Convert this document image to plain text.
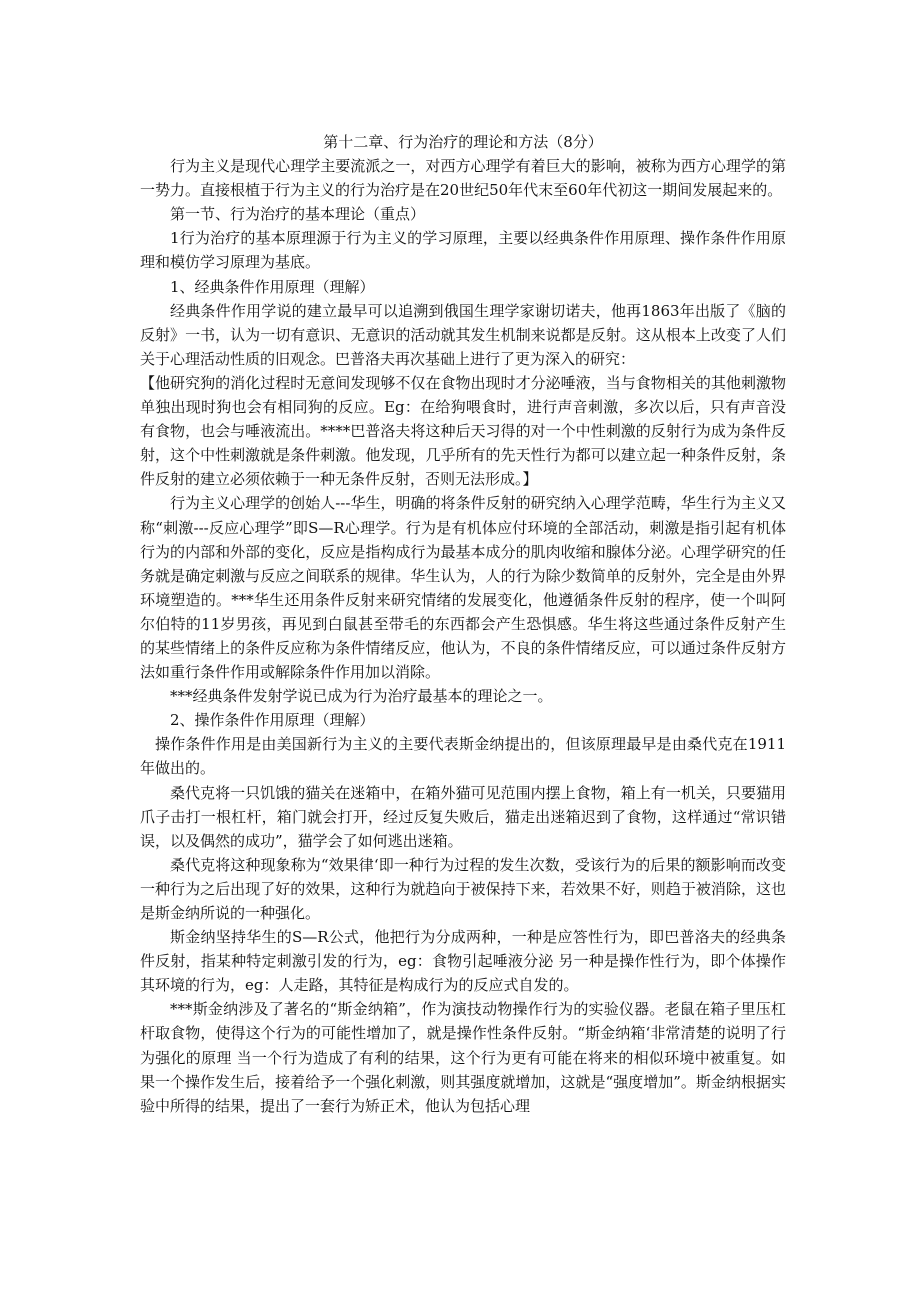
第十二章、行为治疗的理论和方法（8分）

行为主义是现代心理学主要流派之一，对西方心理学有着巨大的影响，被称为西方心理学的第一势力。直接根植于行为主义的行为治疗是在20世纪50年代末至60年代初这一期间发展起来的。

第一节、行为治疗的基本理论（重点）

1行为治疗的基本原理源于行为主义的学习原理，主要以经典条件作用原理、操作条件作用原理和模仿学习原理为基底。

1、经典条件作用原理（理解）

经典条件作用学说的建立最早可以追溯到俄国生理学家谢切诺夫，他再1863年出版了《脑的反射》一书，认为一切有意识、无意识的活动就其发生机制来说都是反射。这从根本上改变了人们关于心理活动性质的旧观念。巴普洛夫再次基础上进行了更为深入的研究：

【他研究狗的消化过程时无意间发现够不仅在食物出现时才分泌唾液，当与食物相关的其他刺激物单独出现时狗也会有相同狗的反应。Eg：在给狗喂食时，进行声音刺激，多次以后，只有声音没有食物，也会与唾液流出。****巴普洛夫将这种后天习得的对一个中性刺激的反射行为成为条件反射，这个中性刺激就是条件刺激。他发现，几乎所有的先天性行为都可以建立起一种条件反射，条件反射的建立必须依赖于一种无条件反射，否则无法形成。】

行为主义心理学的创始人---华生，明确的将条件反射的研究纳入心理学范畴，华生行为主义又称“刺激---反应心理学”即S—R心理学。行为是有机体应付环境的全部活动，刺激是指引起有机体行为的内部和外部的变化，反应是指构成行为最基本成分的肌肉收缩和腺体分泌。心理学研究的任务就是确定刺激与反应之间联系的规律。华生认为，人的行为除少数简单的反射外，完全是由外界环境塑造的。***华生还用条件反射来研究情绪的发展变化，他遵循条件反射的程序，使一个叫阿尔伯特的11岁男孩，再见到白鼠甚至带毛的东西都会产生恐惧感。华生将这些通过条件反射产生的某些情绪上的条件反应称为条件情绪反应，他认为，不良的条件情绪反应，可以通过条件反射方法如重行条件作用或解除条件作用加以消除。

***经典条件发射学说已成为行为治疗最基本的理论之一。

2、操作条件作用原理（理解）

操作条件作用是由美国新行为主义的主要代表斯金纳提出的，但该原理最早是由桑代克在1911年做出的。

桑代克将一只饥饿的猫关在迷箱中，在箱外猫可见范围内摆上食物，箱上有一机关，只要猫用爪子击打一根杠杆，箱门就会打开，经过反复失败后，猫走出迷箱迟到了食物，这样通过“常识错误，以及偶然的成功”，猫学会了如何逃出迷箱。

桑代克将这种现象称为“效果律‘即一种行为过程的发生次数，受该行为的后果的额影响而改变 一种行为之后出现了好的效果，这种行为就趋向于被保持下来，若效果不好，则趋于被消除，这也是斯金纳所说的一种强化。

斯金纳坚持华生的S—R公式，他把行为分成两种，一种是应答性行为，即巴普洛夫的经典条件反射，指某种特定刺激引发的行为，eg：食物引起唾液分泌 另一种是操作性行为，即个体操作其环境的行为，eg：人走路，其特征是构成行为的反应式自发的。

***斯金纳涉及了著名的“斯金纳箱”，作为演技动物操作行为的实验仪器。老鼠在箱子里压杠杆取食物，使得这个行为的可能性增加了，就是操作性条件反射。“斯金纳箱‘非常清楚的说明了行为强化的原理 当一个行为造成了有利的结果，这个行为更有可能在将来的相似环境中被重复。如果一个操作发生后，接着给予一个强化刺激，则其强度就增加，这就是“强度增加”。斯金纳根据实验中所得的结果，提出了一套行为矫正术，他认为包括心理
